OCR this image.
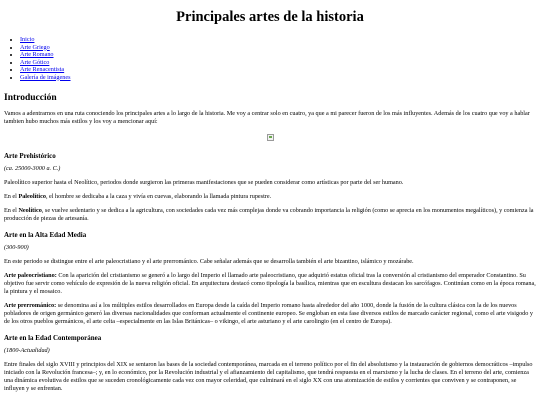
Principales artes de la historia
• Inicio
• Arte Griego
• Arte Romano
• Arte Gótico
• Arte Renacentista
• Galería de imágenes
Introducción

Vamos a adentrarnos en una ruta conociendo los principales artes a lo largo de la historia. Me voy a centrar solo en cuatro, ya que a mi parecer fueron de los más influyentes. Además de los cuatro que voy a hablar tambien hubo muchos más estilos y los voy a mencionar aquí:

Arte Prehistórico

(ca. 25000-3000 a. C.)

Paleolítico superior hasta el Neolítico, periodos donde surgieron las primeras manifestaciones que se pueden considerar como artísticas por parte del ser humano.

En el Paleolítico, el hombre se dedicaba a la caza y vivía en cuevas, elaborando la llamada pintura rupestre.

En el Neolítico, se vuelve sedentario y se dedica a la agricultura, con sociedades cada vez más complejas donde va cobrando importancia la religión (como se aprecia en los monumentos megalíticos), y comienza la producción de piezas de artesanía.

Arte en la Alta Edad Media

(300-900)

En este periodo se distingue entre el arte paleocristiano y el arte prerrománico. Cabe señalar además que se desarrolla también el arte bizantino, islámico y mozárabe.

Arte paleocristiano: Con la aparición del cristianismo se generó a lo largo del Imperio el llamado arte paleocristiano, que adquirió estatus oficial tras la conversión al cristianismo del emperador Constantino. Su objetivo fue servir como vehículo de expresión de la nueva religión oficial. En arquitectura destacó como tipología la basílica, mientras que en escultura destacan los sarcófagos. Continúan como en la época romana, la pintura y el mosaico.

Arte prerrománico: se denomina así a los múltiples estilos desarrollados en Europa desde la caída del Imperio romano hasta alrededor del año 1000, donde la fusión de la cultura clásica con la de los nuevos pobladores de origen germánico generó las diversas nacionalidades que conforman actualmente el continente europeo. Se engloban en esta fase diversos estilos de marcado carácter regional, como el arte visigodo y de los otros pueblos germánicos, el arte celta –especialmente en las Islas Británicas– o vikingo, el arte asturiano y el arte carolingio (en el centro de Europa).

Arte en la Edad Contemporánea

(1800-Actualidad)

Entre finales del siglo XVIII y principios del XIX se sentaron las bases de la sociedad contemporánea, marcada en el terreno político por el fin del absolutismo y la instauración de gobiernos democráticos –impulso iniciado con la Revolución francesa–; y, en lo económico, por la Revolución industrial y el afianzamiento del capitalismo, que tendrá respuesta en el marxismo y la lucha de clases. En el terreno del arte, comienza una dinámica evolutiva de estilos que se suceden cronológicamente cada vez con mayor celeridad, que culminará en el siglo XX con una atomización de estilos y corrientes que conviven y se contraponen, se influyen y se enfrentan.
